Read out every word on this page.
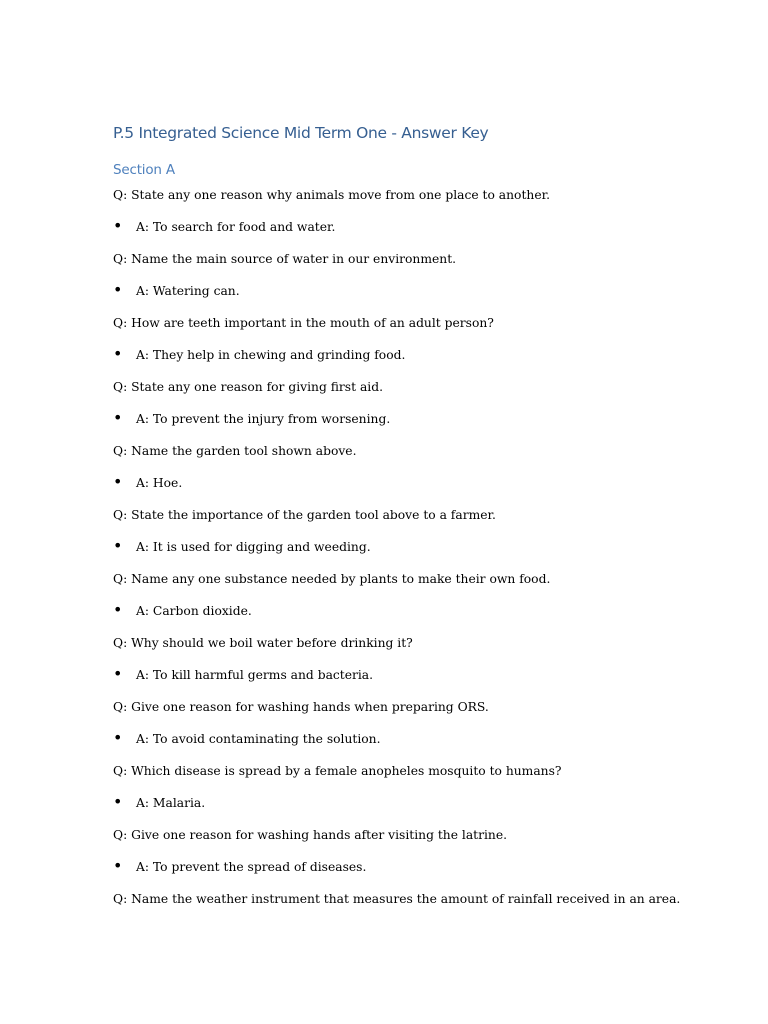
P.5 Integrated Science Mid Term One - Answer Key
Section A
Q: State any one reason why animals move from one place to another.
• A: To search for food and water.
Q: Name the main source of water in our environment.
• A: Watering can.
Q: How are teeth important in the mouth of an adult person?
• A: They help in chewing and grinding food.
Q: State any one reason for giving first aid.
• A: To prevent the injury from worsening.
Q: Name the garden tool shown above.
• A: Hoe.
Q: State the importance of the garden tool above to a farmer.
• A: It is used for digging and weeding.
Q: Name any one substance needed by plants to make their own food.
• A: Carbon dioxide.
Q: Why should we boil water before drinking it?
• A: To kill harmful germs and bacteria.
Q: Give one reason for washing hands when preparing ORS.
• A: To avoid contaminating the solution.
Q: Which disease is spread by a female anopheles mosquito to humans?
• A: Malaria.
Q: Give one reason for washing hands after visiting the latrine.
• A: To prevent the spread of diseases.
Q: Name the weather instrument that measures the amount of rainfall received in an area.
